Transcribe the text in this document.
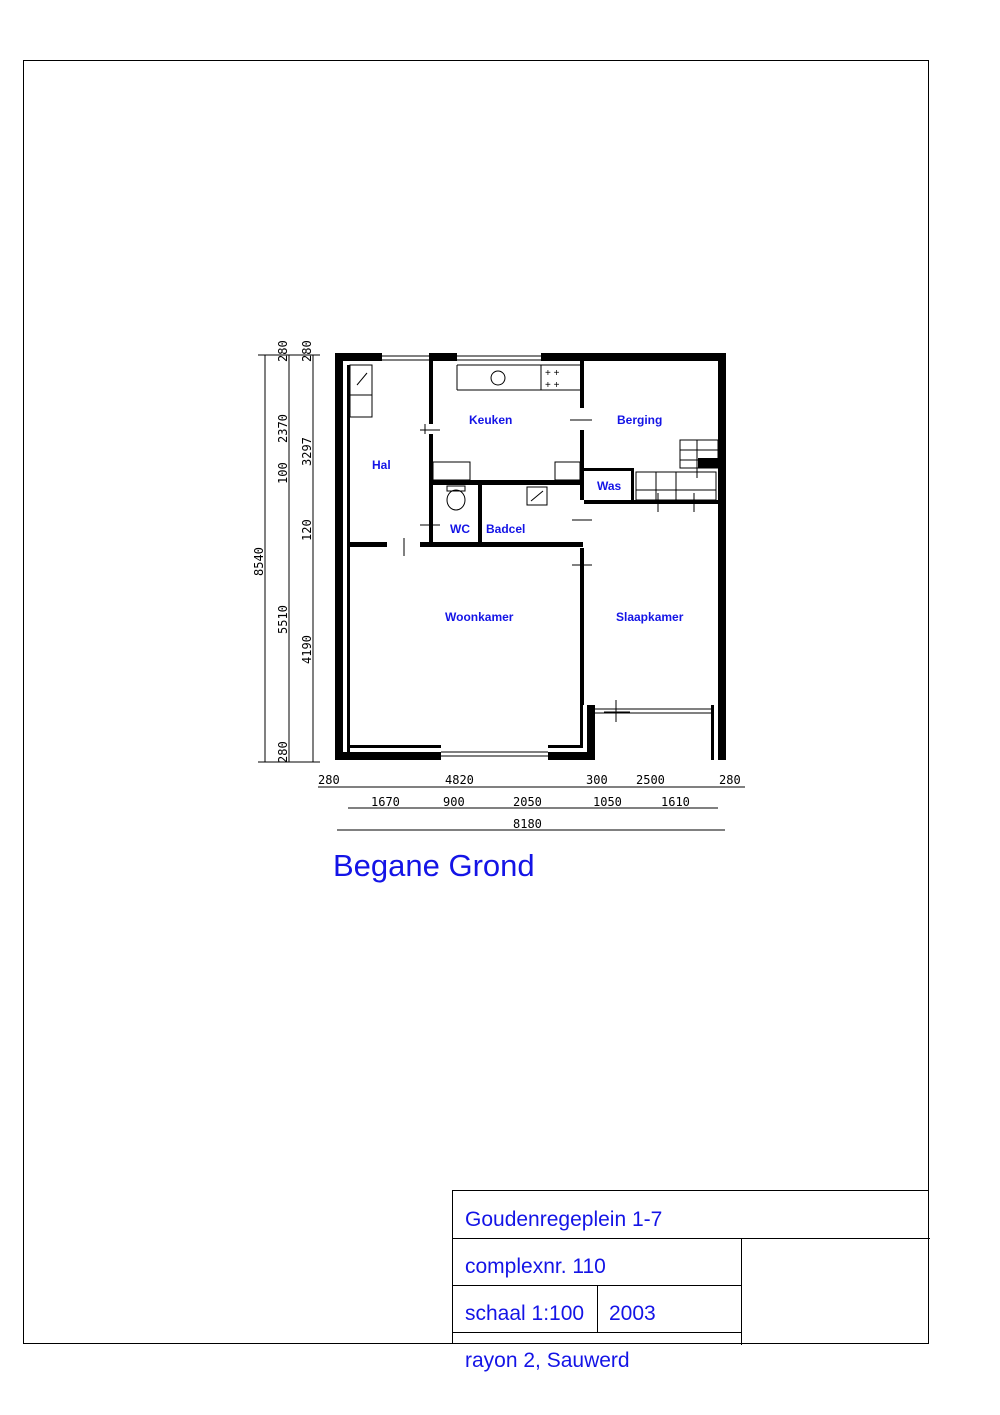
+ +
+ +
Hal
Keuken	Berging
Was
WC Badcel
Woonkamer	Slaapkamer
8540
280
2370
100
5510
280
280
3297
120
4190
280	4820	300 2500	280
1670	900	2050	1050	1610
8180
Begane Grond
Goudenregeplein 1-7
complexnr. 110
schaal 1:100 2003
rayon 2, Sauwerd
